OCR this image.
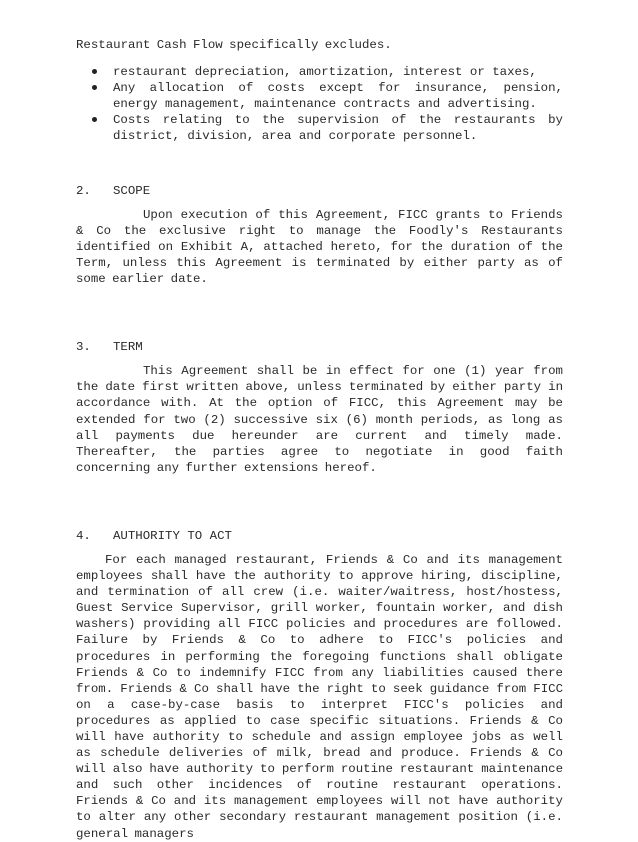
Restaurant Cash Flow specifically excludes.

restaurant depreciation, amortization, interest or taxes,
Any allocation of costs except for insurance, pension, energy management, maintenance contracts and advertising.
Costs relating to the supervision of the restaurants by district, division, area and corporate personnel.
2.	SCOPE

Upon execution of this Agreement, FICC grants to Friends & Co the exclusive right to manage the Foodly's Restaurants identified on Exhibit A, attached hereto, for the duration of the Term, unless this Agreement is terminated by either party as of some earlier date.

3.	TERM

This Agreement shall be in effect for one (1) year from the date first written above, unless terminated by either party in accordance with. At the option of FICC, this Agreement may be extended for two (2) successive six (6) month periods, as long as all payments due hereunder are current and timely made. Thereafter, the parties agree to negotiate in good faith concerning any further extensions hereof.

4.	AUTHORITY TO ACT

For each managed restaurant, Friends & Co and its management employees shall have the authority to approve hiring, discipline, and termination of all crew (i.e. waiter/waitress, host/hostess, Guest Service Supervisor, grill worker, fountain worker, and dish washers) providing all FICC policies and procedures are followed. Failure by Friends & Co to adhere to FICC's policies and procedures in performing the foregoing functions shall obligate Friends & Co to indemnify FICC from any liabilities caused there from. Friends & Co shall have the right to seek guidance from FICC on a case-by-case basis to interpret FICC's policies and procedures as applied to case specific situations. Friends & Co will have authority to schedule and assign employee jobs as well as schedule deliveries of milk, bread and produce. Friends & Co will also have authority to perform routine restaurant maintenance and such other incidences of routine restaurant operations. Friends & Co and its management employees will not have authority to alter any other secondary restaurant management position (i.e. general managers
